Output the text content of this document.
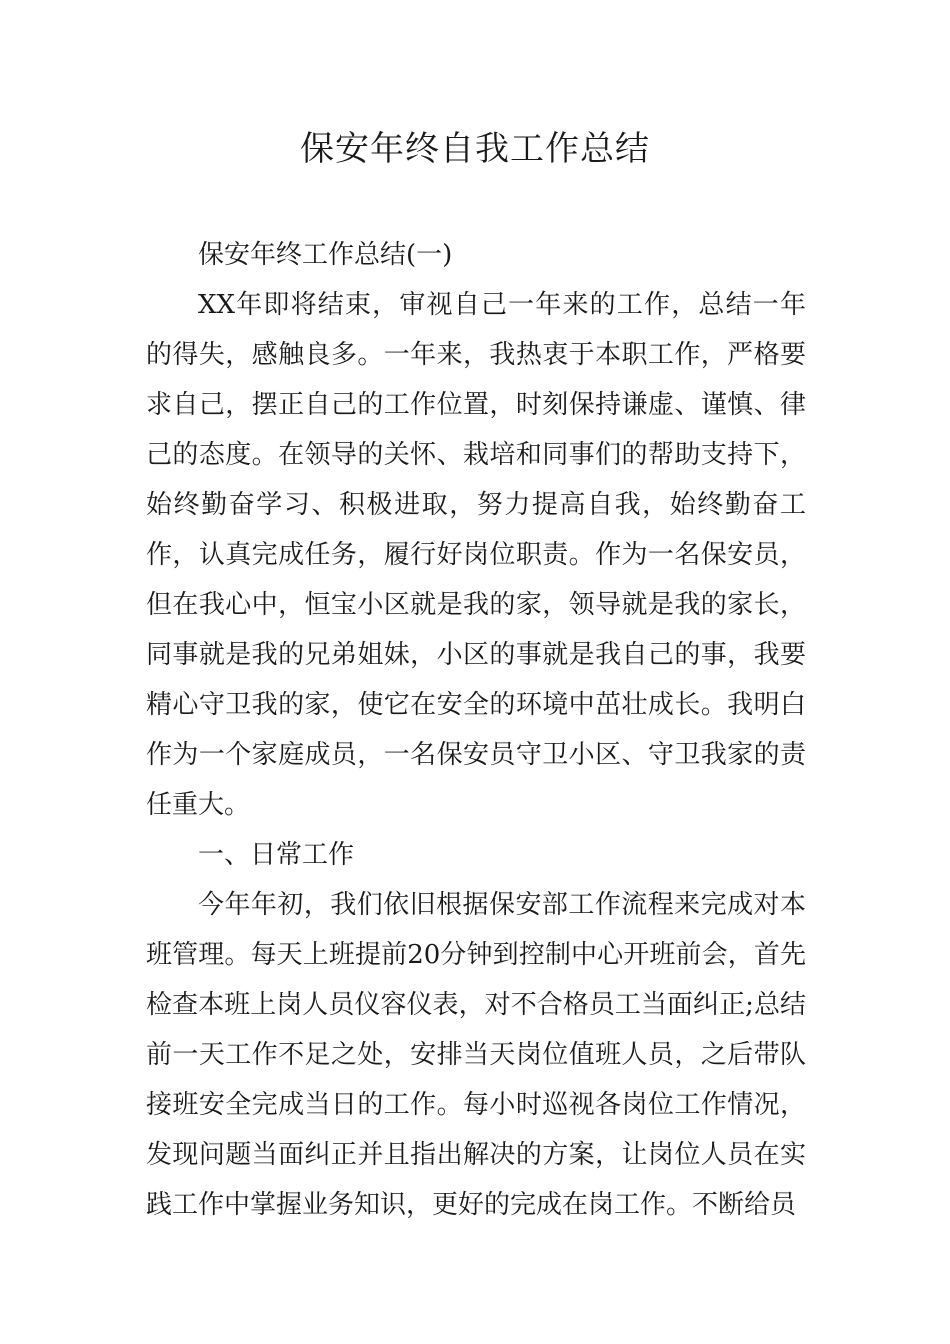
保安年终自我工作总结

保安年终工作总结(一)

XX年即将结束，审视自己一年来的工作，总结一年的得失，感触良多。一年来，我热衷于本职工作，严格要求自己，摆正自己的工作位置，时刻保持谦虚、谨慎、律己的态度。在领导的关怀、栽培和同事们的帮助支持下，始终勤奋学习、积极进取，努力提高自我，始终勤奋工作，认真完成任务，履行好岗位职责。作为一名保安员，但在我心中，恒宝小区就是我的家，领导就是我的家长，同事就是我的兄弟姐妹，小区的事就是我自己的事，我要精心守卫我的家，使它在安全的环境中茁壮成长。我明白作为一个家庭成员，一名保安员守卫小区、守卫我家的责任重大。

一、日常工作

今年年初，我们依旧根据保安部工作流程来完成对本班管理。每天上班提前20分钟到控制中心开班前会，首先检查本班上岗人员仪容仪表，对不合格员工当面纠正;总结前一天工作不足之处，安排当天岗位值班人员，之后带队接班安全完成当日的工作。每小时巡视各岗位工作情况，发现问题当面纠正并且指出解决的方案，让岗位人员在实践工作中掌握业务知识，更好的完成在岗工作。不断给员
